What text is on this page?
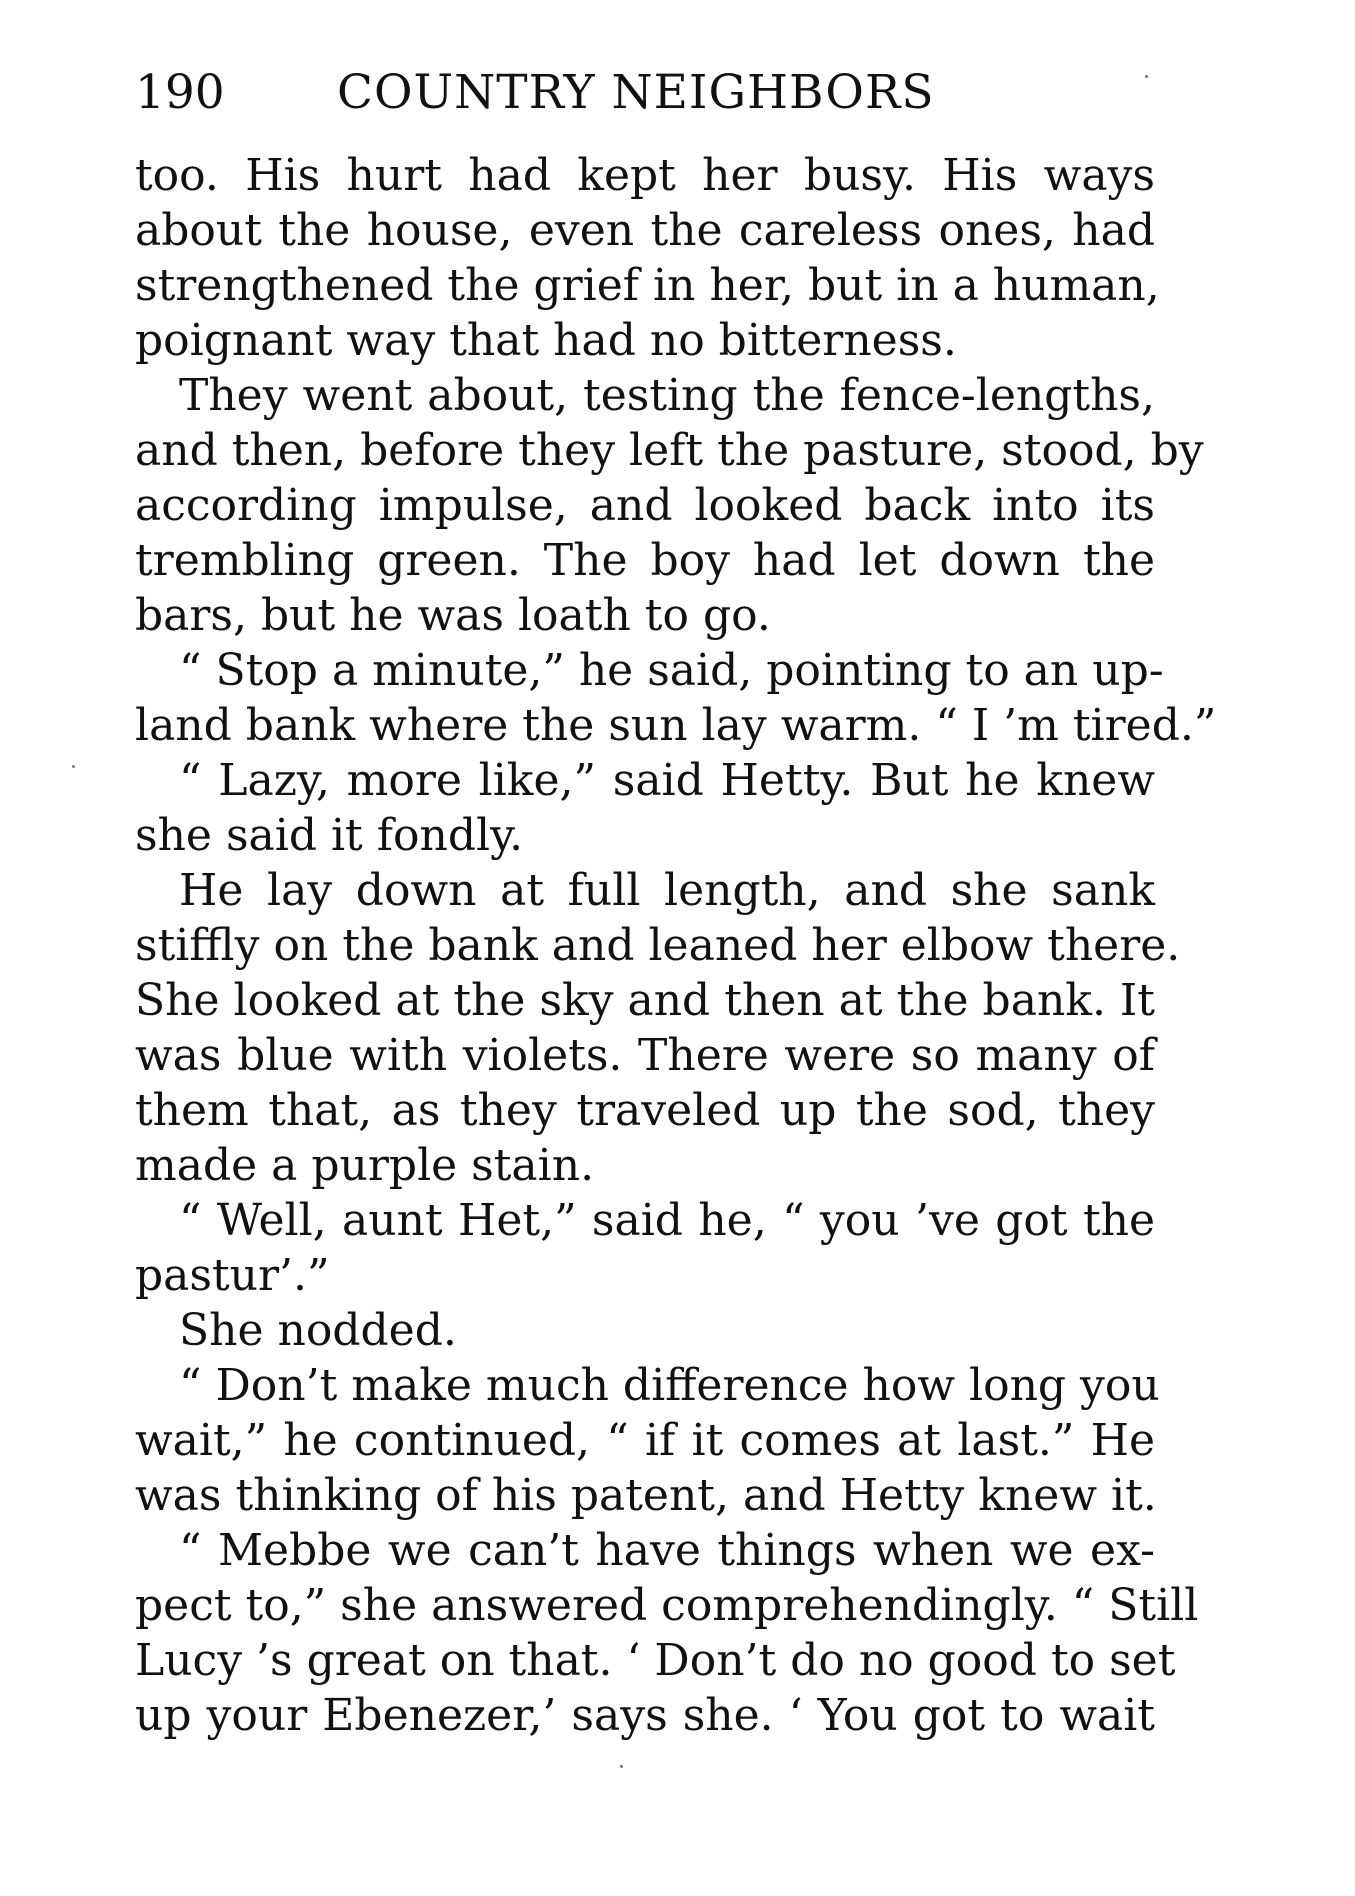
190 COUNTRY NEIGHBORS
too. His hurt had kept her busy. His ways
about the house, even the careless ones, had
strengthened the grief in her, but in a human,
poignant way that had no bitterness.
They went about, testing the fence-lengths,
and then, before they left the pasture, stood, by
according impulse, and looked back into its
trembling green. The boy had let down the
bars, but he was loath to go.
“ Stop a minute,” he said, pointing to an up-
land bank where the sun lay warm. “ I ’m tired.”
“ Lazy, more like,” said Hetty. But he knew
she said it fondly.
He lay down at full length, and she sank
stiffly on the bank and leaned her elbow there.
She looked at the sky and then at the bank. It
was blue with violets. There were so many of
them that, as they traveled up the sod, they
made a purple stain.
“ Well, aunt Het,” said he, “ you ’ve got the
pastur’.”
She nodded.
“ Don’t make much difference how long you
wait,” he continued, “ if it comes at last.” He
was thinking of his patent, and Hetty knew it.
“ Mebbe we can’t have things when we ex-
pect to,” she answered comprehendingly. “ Still
Lucy ’s great on that. ‘ Don’t do no good to set
up your Ebenezer,’ says she. ‘ You got to wait
